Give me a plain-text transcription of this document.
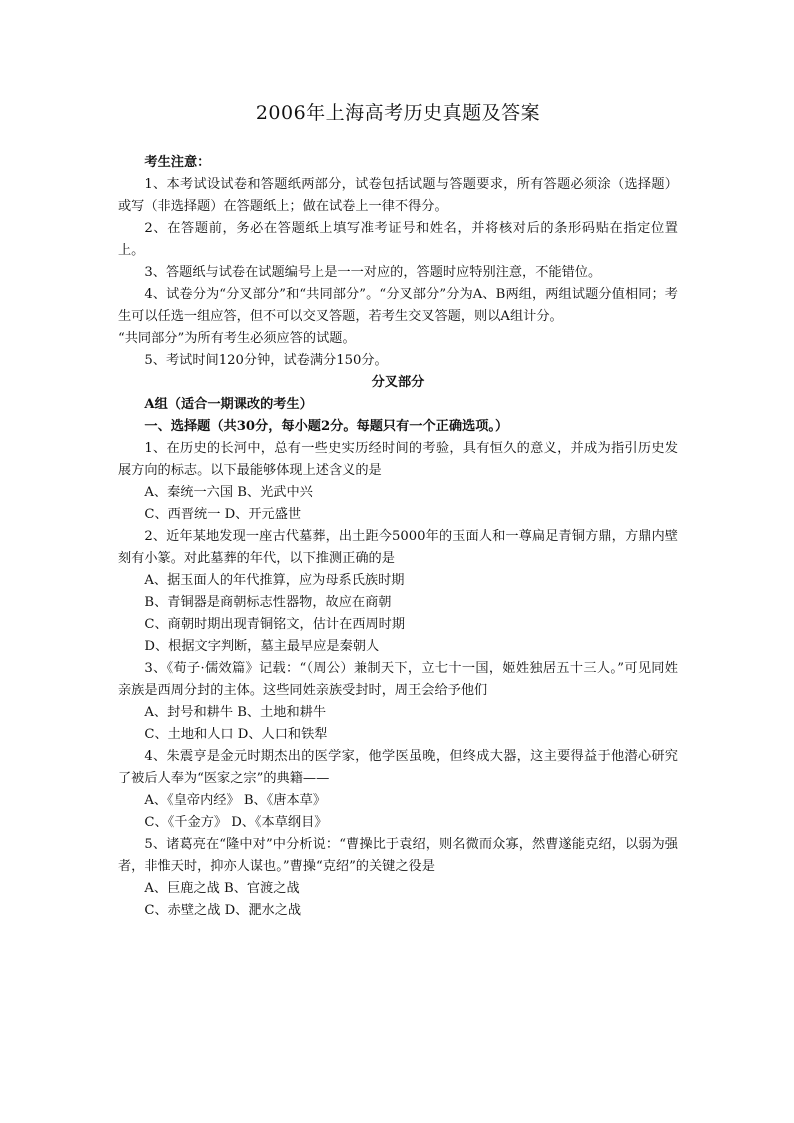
2006年上海高考历史真题及答案

考生注意：

1、本考试设试卷和答题纸两部分，试卷包括试题与答题要求，所有答题必须涂（选择题）或写（非选择题）在答题纸上；做在试卷上一律不得分。

2、在答题前，务必在答题纸上填写准考证号和姓名，并将核对后的条形码贴在指定位置上。

3、答题纸与试卷在试题编号上是一一对应的，答题时应特别注意，不能错位。

4、试卷分为“分叉部分”和“共同部分”。“分叉部分”分为A、B两组，两组试题分值相同；考生可以任选一组应答，但不可以交叉答题，若考生交叉答题，则以A组计分。

“共同部分”为所有考生必须应答的试题。

5、考试时间120分钟，试卷满分150分。

分叉部分

A组（适合一期课改的考生）

一、选择题（共30分，每小题2分。每题只有一个正确选项。）

1、在历史的长河中，总有一些史实历经时间的考验，具有恒久的意义，并成为指引历史发展方向的标志。以下最能够体现上述含义的是

A、秦统一六国 B、光武中兴

C、西晋统一 D、开元盛世

2、近年某地发现一座古代墓葬，出土距今5000年的玉面人和一尊扁足青铜方鼎，方鼎内壁刻有小篆。对此墓葬的年代，以下推测正确的是

A、据玉面人的年代推算，应为母系氏族时期

B、青铜器是商朝标志性器物，故应在商朝

C、商朝时期出现青铜铭文，估计在西周时期

D、根据文字判断，墓主最早应是秦朝人

3、《荀子·儒效篇》记载：“（周公）兼制天下，立七十一国，姬姓独居五十三人。”可见同姓亲族是西周分封的主体。这些同姓亲族受封时，周王会给予他们

A、封号和耕牛 B、土地和耕牛

C、土地和人口 D、人口和铁犁

4、朱震亨是金元时期杰出的医学家，他学医虽晚，但终成大器，这主要得益于他潜心研究了被后人奉为“医家之宗”的典籍——

A、《皇帝内经》 B、《唐本草》

C、《千金方》 D、《本草纲目》

5、诸葛亮在“隆中对”中分析说：“曹操比于袁绍，则名微而众寡，然曹遂能克绍，以弱为强者，非惟天时，抑亦人谋也。”曹操“克绍”的关键之役是

A、巨鹿之战 B、官渡之战

C、赤壁之战 D、淝水之战
